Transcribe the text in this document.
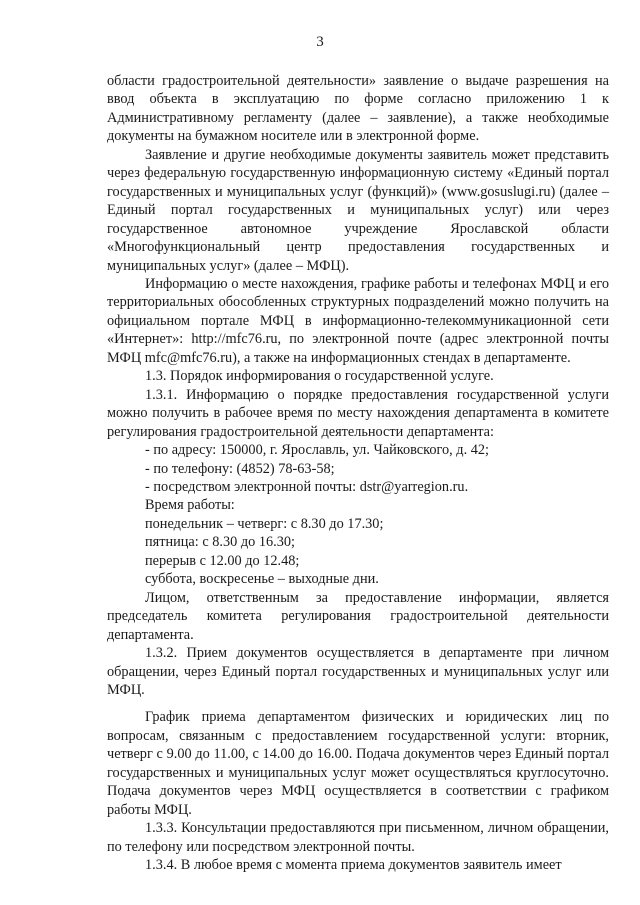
3

области градостроительной деятельности» заявление о выдаче разрешения на ввод объекта в эксплуатацию по форме согласно приложению 1 к Административному регламенту (далее – заявление), а также необходимые документы на бумажном носителе или в электронной форме.

Заявление и другие необходимые документы заявитель может представить через федеральную государственную информационную систему «Единый портал государственных и муниципальных услуг (функций)» (www.gosuslugi.ru) (далее – Единый портал государственных и муниципальных услуг) или через государственное автономное учреждение Ярославской области «Многофункциональный центр предоставления государственных и муниципальных услуг» (далее – МФЦ).

Информацию о месте нахождения, графике работы и телефонах МФЦ и его территориальных обособленных структурных подразделений можно получить на официальном портале МФЦ в информационно-телекоммуникационной сети «Интернет»: http://mfc76.ru, по электронной почте (адрес электронной почты МФЦ mfc@mfc76.ru), а также на информационных стендах в департаменте.

1.3. Порядок информирования о государственной услуге.

1.3.1. Информацию о порядке предоставления государственной услуги можно получить в рабочее время по месту нахождения департамента в комитете регулирования градостроительной деятельности департамента:

- по адресу: 150000, г. Ярославль, ул. Чайковского, д. 42;

- по телефону: (4852) 78-63-58;

- посредством электронной почты: dstr@yarregion.ru.

Время работы:

понедельник – четверг: с 8.30 до 17.30;

пятница: с 8.30 до 16.30;

перерыв с 12.00 до 12.48;

суббота, воскресенье – выходные дни.

Лицом, ответственным за предоставление информации, является председатель комитета регулирования градостроительной деятельности департамента.

1.3.2. Прием документов осуществляется в департаменте при личном обращении, через Единый портал государственных и муниципальных услуг или МФЦ.

График приема департаментом физических и юридических лиц по вопросам, связанным с предоставлением государственной услуги: вторник, четверг с 9.00 до 11.00, с 14.00 до 16.00. Подача документов через Единый портал государственных и муниципальных услуг может осуществляться круглосуточно. Подача документов через МФЦ осуществляется в соответствии с графиком работы МФЦ.

1.3.3. Консультации предоставляются при письменном, личном обращении, по телефону или посредством электронной почты.

1.3.4. В любое время с момента приема документов заявитель имеет
